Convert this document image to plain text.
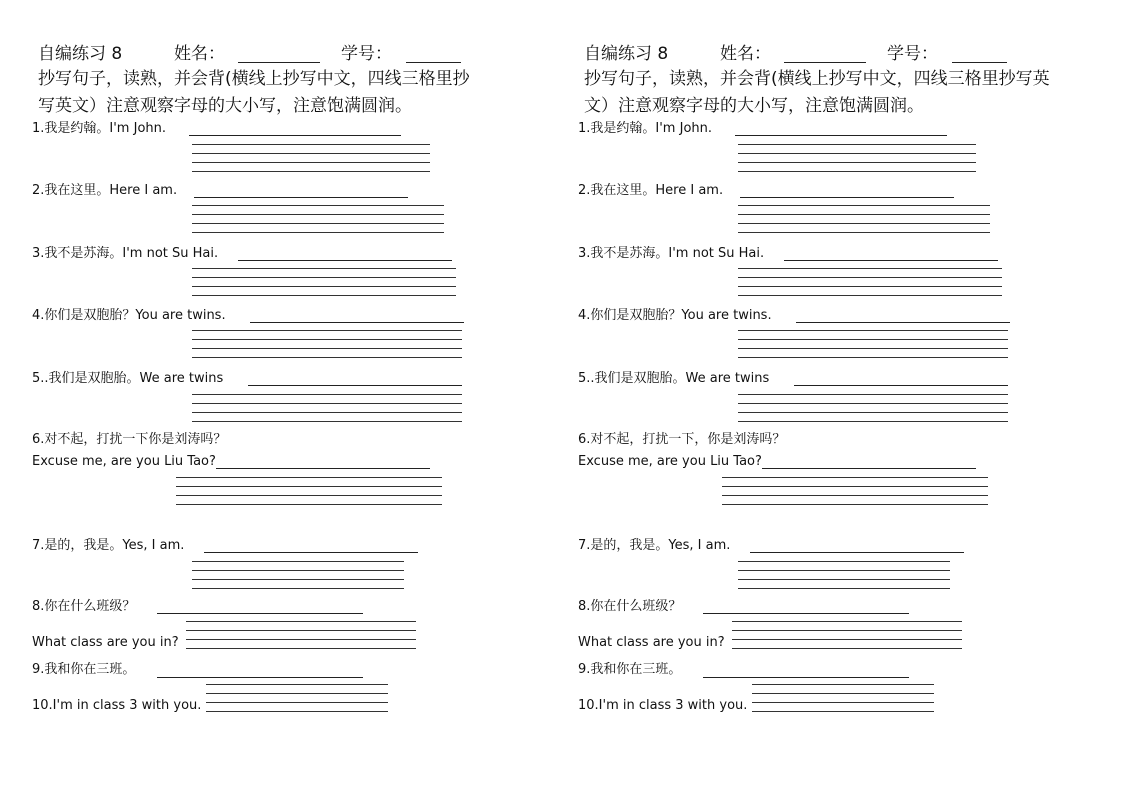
自编练习 8	姓名：	学号：
抄写句子，读熟，并会背(横线上抄写中文，四线三格里抄
写英文）注意观察字母的大小写，注意饱满圆润。
1.我是约翰。I'm John.
2.我在这里。Here I am.
3.我不是苏海。I'm not Su Hai.
4.你们是双胞胎？You are twins.
5..我们是双胞胎。We are twins
6.对不起，打扰一下你是刘涛吗？
Excuse me, are you Liu Tao?
7.是的，我是。Yes, I am.
8.你在什么班级？
What class are you in?
9.我和你在三班。
10.I'm in class 3 with you.
自编练习 8	姓名：	学号：
抄写句子，读熟，并会背(横线上抄写中文，四线三格里抄写英
文）注意观察字母的大小写，注意饱满圆润。
1.我是约翰。I'm John.
2.我在这里。Here I am.
3.我不是苏海。I'm not Su Hai.
4.你们是双胞胎？You are twins.
5..我们是双胞胎。We are twins
6.对不起，打扰一下，你是刘涛吗？
Excuse me, are you Liu Tao?
7.是的，我是。Yes, I am.
8.你在什么班级？
What class are you in?
9.我和你在三班。
10.I'm in class 3 with you.
